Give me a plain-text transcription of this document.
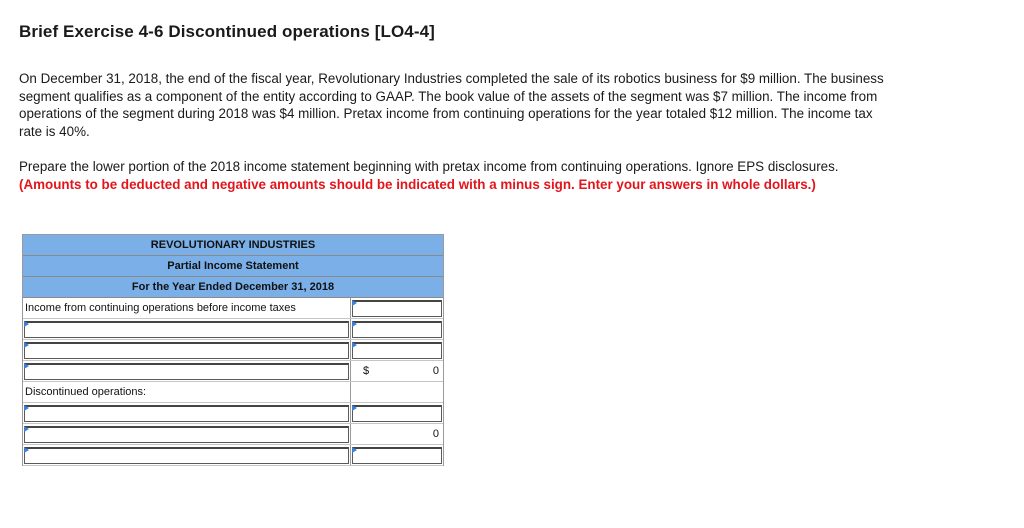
Brief Exercise 4-6 Discontinued operations [LO4-4]

On December 31, 2018, the end of the fiscal year, Revolutionary Industries completed the sale of its robotics business for $9 million. The business segment qualifies as a component of the entity according to GAAP. The book value of the assets of the segment was $7 million. The income from operations of the segment during 2018 was $4 million. Pretax income from continuing operations for the year totaled $12 million. The income tax rate is 40%.

Prepare the lower portion of the 2018 income statement beginning with pretax income from continuing operations. Ignore EPS disclosures. (Amounts to be deducted and negative amounts should be indicated with a minus sign. Enter your answers in whole dollars.)

REVOLUTIONARY INDUSTRIES
Partial Income Statement
For the Year Ended December 31, 2018
Income from continuing operations before income taxes
$	0
Discontinued operations:
0
